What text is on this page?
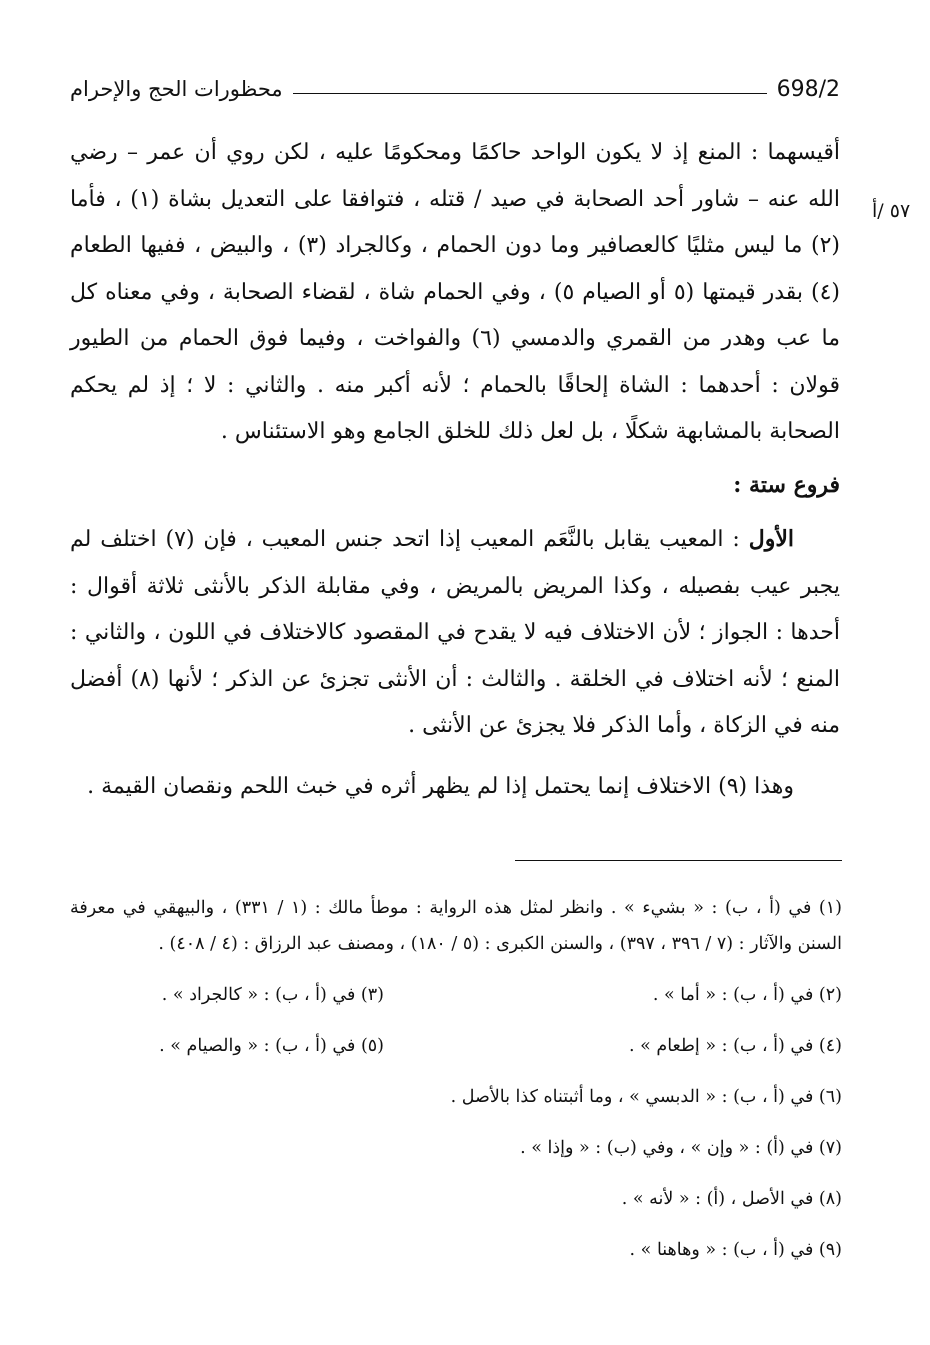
698/2
محظورات الحج والإحرام
٥٧ /أ

أقيسهما : المنع إذ لا يكون الواحد حاكمًا ومحكومًا عليه ، لكن روي أن عمر – رضي الله عنه – شاور أحد الصحابة في صيد / قتله ، فتوافقا على التعديل بشاة (١) ، فأما (٢) ما ليس مثليًا كالعصافير وما دون الحمام ، وكالجراد (٣) ، والبيض ، ففيها الطعام (٤) بقدر قيمتها (٥ أو الصيام ٥) ، وفي الحمام شاة ، لقضاء الصحابة ، وفي معناه كل ما عب وهدر من القمري والدمسي (٦) والفواخت ، وفيما فوق الحمام من الطيور قولان : أحدهما : الشاة إلحاقًا بالحمام ؛ لأنه أكبر منه . والثاني : لا ؛ إذ لم يحكم الصحابة بالمشابهة شكلًا ، بل لعل ذلك للخلق الجامع وهو الاستئناس .

فروع ستة :

الأول : المعيب يقابل بالنَّعَم المعيب إذا اتحد جنس المعيب ، فإن (٧) اختلف لم يجبر عيب بفصيله ، وكذا المريض بالمريض ، وفي مقابلة الذكر بالأنثى ثلاثة أقوال : أحدها : الجواز ؛ لأن الاختلاف فيه لا يقدح في المقصود كالاختلاف في اللون ، والثاني : المنع ؛ لأنه اختلاف في الخلقة . والثالث : أن الأنثى تجزئ عن الذكر ؛ لأنها (٨) أفضل منه في الزكاة ، وأما الذكر فلا يجزئ عن الأنثى .

وهذا (٩) الاختلاف إنما يحتمل إذا لم يظهر أثره في خبث اللحم ونقصان القيمة .

(١) في (أ ، ب) : « بشيء » . وانظر لمثل هذه الرواية : موطأ مالك : (١ / ٣٣١) ، والبيهقي في معرفة السنن والآثار : (٧ / ٣٩٦ ، ٣٩٧) ، والسنن الكبرى : (٥ / ١٨٠) ، ومصنف عبد الرزاق : (٤ / ٤٠٨) .

(٢) في (أ ، ب) : « أما » .
(٣) في (أ ، ب) : « كالجراد » .
(٤) في (أ ، ب) : « إطعام » .
(٥) في (أ ، ب) : « والصيام » .

(٦) في (أ ، ب) : « الدبسي » ، وما أثبتناه كذا بالأصل .

(٧) في (أ) : « وإن » ، وفي (ب) : « وإذا » .

(٨) في الأصل ، (أ) : « لأنه » .

(٩) في (أ ، ب) : « وهاهنا » .
